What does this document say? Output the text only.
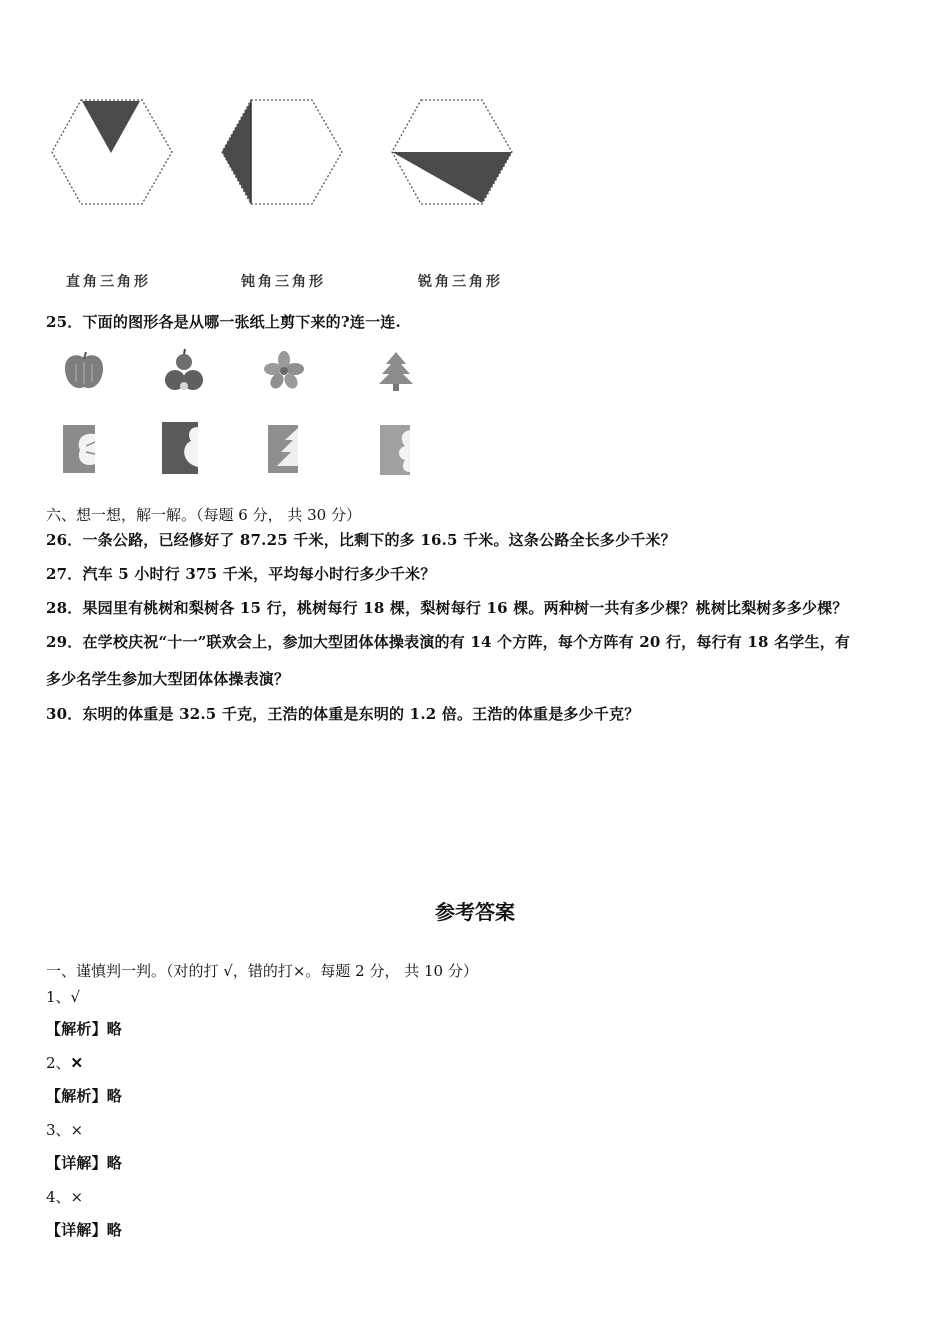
直角三角形	钝角三角形	锐角三角形
25．下面的图形各是从哪一张纸上剪下来的?连一连.
六、想一想，解一解。（每题 6 分， 共 30 分）
26．一条公路，已经修好了 87.25 千米，比剩下的多 16.5 千米。这条公路全长多少千米？
27．汽车 5 小时行 375 千米，平均每小时行多少千米？
28．果园里有桃树和梨树各 15 行，桃树每行 18 棵，梨树每行 16 棵。两种树一共有多少棵？桃树比梨树多多少棵？
29．在学校庆祝“十一”联欢会上，参加大型团体体操表演的有 14 个方阵，每个方阵有 20 行，每行有 18 名学生，有
多少名学生参加大型团体体操表演？
30．东明的体重是 32.5 千克，王浩的体重是东明的 1.2 倍。王浩的体重是多少千克？
参考答案
一、谨慎判一判。（对的打 √，错的打×。每题 2 分， 共 10 分）
1、√
【解析】略
2、✕
【解析】略
3、×
【详解】略
4、×
【详解】略
